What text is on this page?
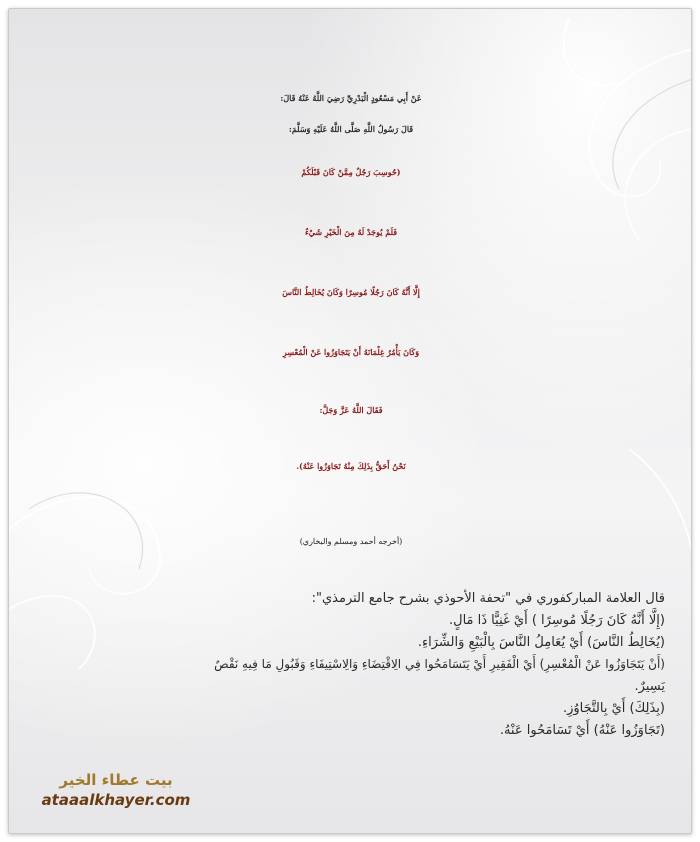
عَنْ أَبِي مَسْعُودٍ الْبَدْرِيِّ رَضِيَ اللَّهُ عَنْهُ قَالَ:
قَالَ رَسُولُ اللَّهِ صَلَّى اللَّهُ عَلَيْهِ وَسَلَّمَ:
(حُوسِبَ رَجُلٌ مِمَّنْ كَانَ قَبْلَكُمْ
فَلَمْ يُوجَدْ لَهُ مِنَ الْخَيْرِ شَيْءٌ
إِلَّا أَنَّهُ كَانَ رَجُلًا مُوسِرًا وَكَانَ يُخَالِطُ النَّاسَ
وَكَانَ يَأْمُرُ غِلْمَانَهُ أَنْ يَتَجَاوَزُوا عَنْ الْمُعْسِرِ
فَقَالَ اللَّهُ عَزَّ وَجَلَّ:
نَحْنُ أَحَقُّ بِذَلِكَ مِنْهُ تَجَاوَزُوا عَنْهُ).
(أخرجه أحمد ومسلم والبخاري)
قال العلامة المباركفوري في "تحفة الأحوذي بشرح جامع الترمذي":
(إِلَّا أَنَّهُ كَانَ رَجُلًا مُوسِرًا ) أَيْ غَنِيًّا ذَا مَالٍ.
(يُخَالِطُ النَّاسَ) أَيْ يُعَامِلُ النَّاسَ بِالْبَيْعِ وَالشِّرَاءِ.
(أَنْ يَتَجَاوَزُوا عَنْ الْمُعْسِرِ) أَيْ الْفَقِيرِ أَيْ يَتَسَامَحُوا فِي الِاقْتِضَاءِ وَالِاسْتِيفَاءِ وَقَبُولِ مَا فِيهِ نَقْصٌ
يَسِيرٌ.
(بِذَلِكَ) أَيْ بِالتَّجَاوُزِ.
(تَجَاوَزُوا عَنْهُ) أَيْ تَسَامَحُوا عَنْهُ.
بيت عطاء الخير
ataaalkhayer.com
